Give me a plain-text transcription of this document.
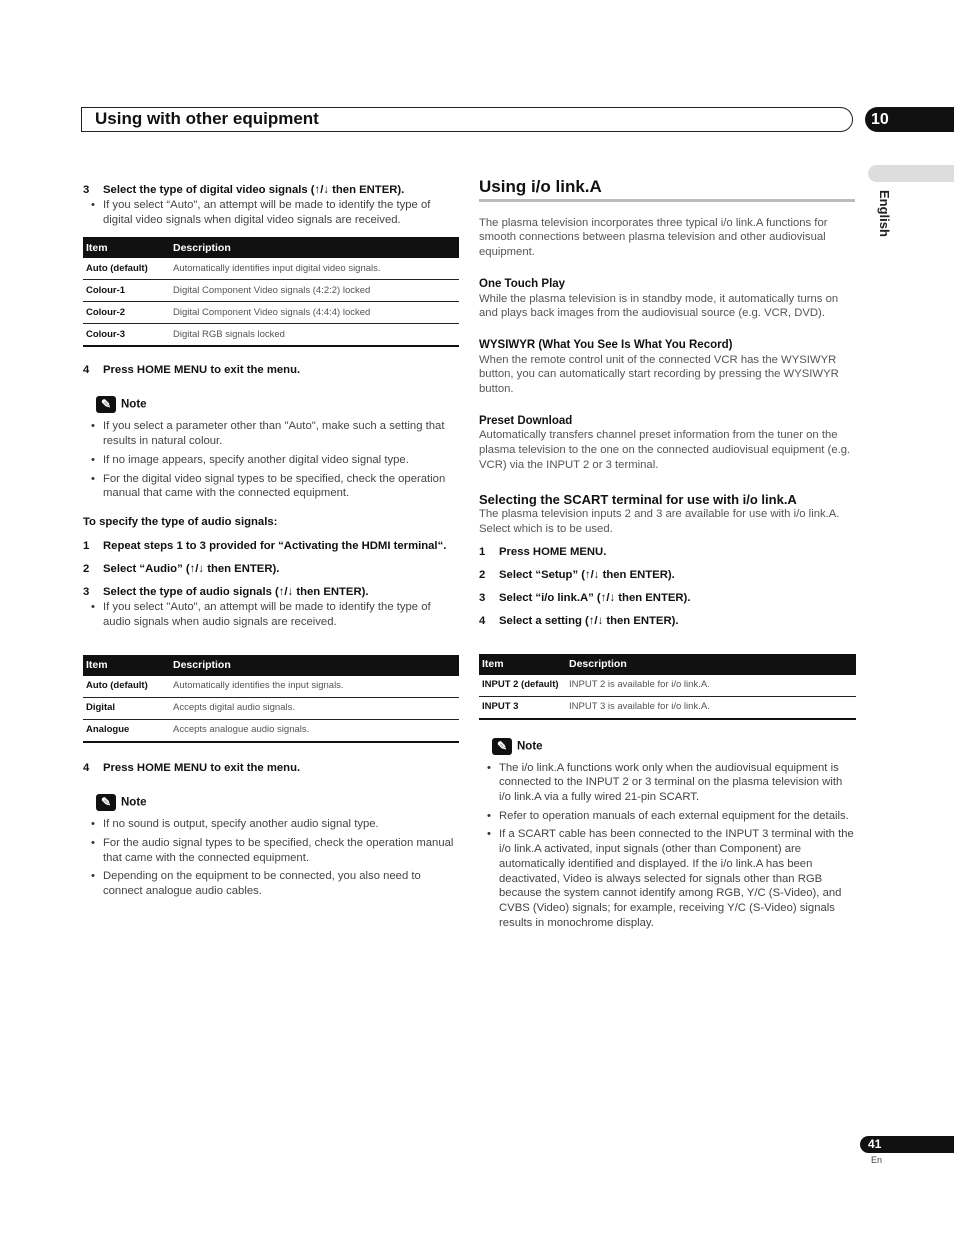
Using with other equipment	10
English
3 Select the type of digital video signals (↑/↓ then ENTER).
• If you select “Auto", an attempt will be made to identify the type of digital video signals when digital video signals are received.
Item	Description
Auto (default)	Automatically identifies input digital video signals.
Colour-1	Digital Component Video signals (4:2:2) locked
Colour-2	Digital Component Video signals (4:4:4) locked
Colour-3	Digital RGB signals locked
4 Press HOME MENU to exit the menu.
✎ Note
• If you select a parameter other than "Auto", make such a setting that results in natural colour.
• If no image appears, specify another digital video signal type.
• For the digital video signal types to be specified, check the operation manual that came with the connected equipment.
To specify the type of audio signals:
1 Repeat steps 1 to 3 provided for “Activating the HDMI terminal“.
2 Select “Audio” (↑/↓ then ENTER).
3 Select the type of audio signals (↑/↓ then ENTER).
• If you select "Auto", an attempt will be made to identify the type of audio signals when audio signals are received.
Item	Description
Auto (default)	Automatically identifies the input signals.
Digital	Accepts digital audio signals.
Analogue	Accepts analogue audio signals.
4 Press HOME MENU to exit the menu.
✎ Note
• If no sound is output, specify another audio signal type.
• For the audio signal types to be specified, check the operation manual that came with the connected equipment.
• Depending on the equipment to be connected, you also need to connect analogue audio cables.
Using i/o link.A
The plasma television incorporates three typical i/o link.A functions for smooth connections between plasma television and other audiovisual equipment.
One Touch Play
While the plasma television is in standby mode, it automatically turns on and plays back images from the audiovisual source (e.g. VCR, DVD).
WYSIWYR (What You See Is What You Record)
When the remote control unit of the connected VCR has the WYSIWYR button, you can automatically start recording by pressing the WYSIWYR button.
Preset Download
Automatically transfers channel preset information from the tuner on the plasma television to the one on the connected audiovisual equipment (e.g. VCR) via the INPUT 2 or 3 terminal.
Selecting the SCART terminal for use with i/o link.A
The plasma television inputs 2 and 3 are available for use with i/o link.A. Select which is to be used.
1 Press HOME MENU.
2 Select “Setup” (↑/↓ then ENTER).
3 Select “i/o link.A” (↑/↓ then ENTER).
4 Select a setting (↑/↓ then ENTER).
Item	Description
INPUT 2 (default)	INPUT 2 is available for i/o link.A.
INPUT 3	INPUT 3 is available for i/o link.A.
✎ Note
• The i/o link.A functions work only when the audiovisual equipment is connected to the INPUT 2 or 3 terminal on the plasma television with i/o link.A via a fully wired 21-pin SCART.
• Refer to operation manuals of each external equipment for the details.
• If a SCART cable has been connected to the INPUT 3 terminal with the i/o link.A activated, input signals (other than Component) are automatically identified and displayed. If the i/o link.A has been deactivated, Video is always selected for signals other than RGB because the system cannot identify among RGB, Y/C (S-Video), and CVBS (Video) signals; for example, receiving Y/C (S-Video) signals results in monochrome display.
41
En
